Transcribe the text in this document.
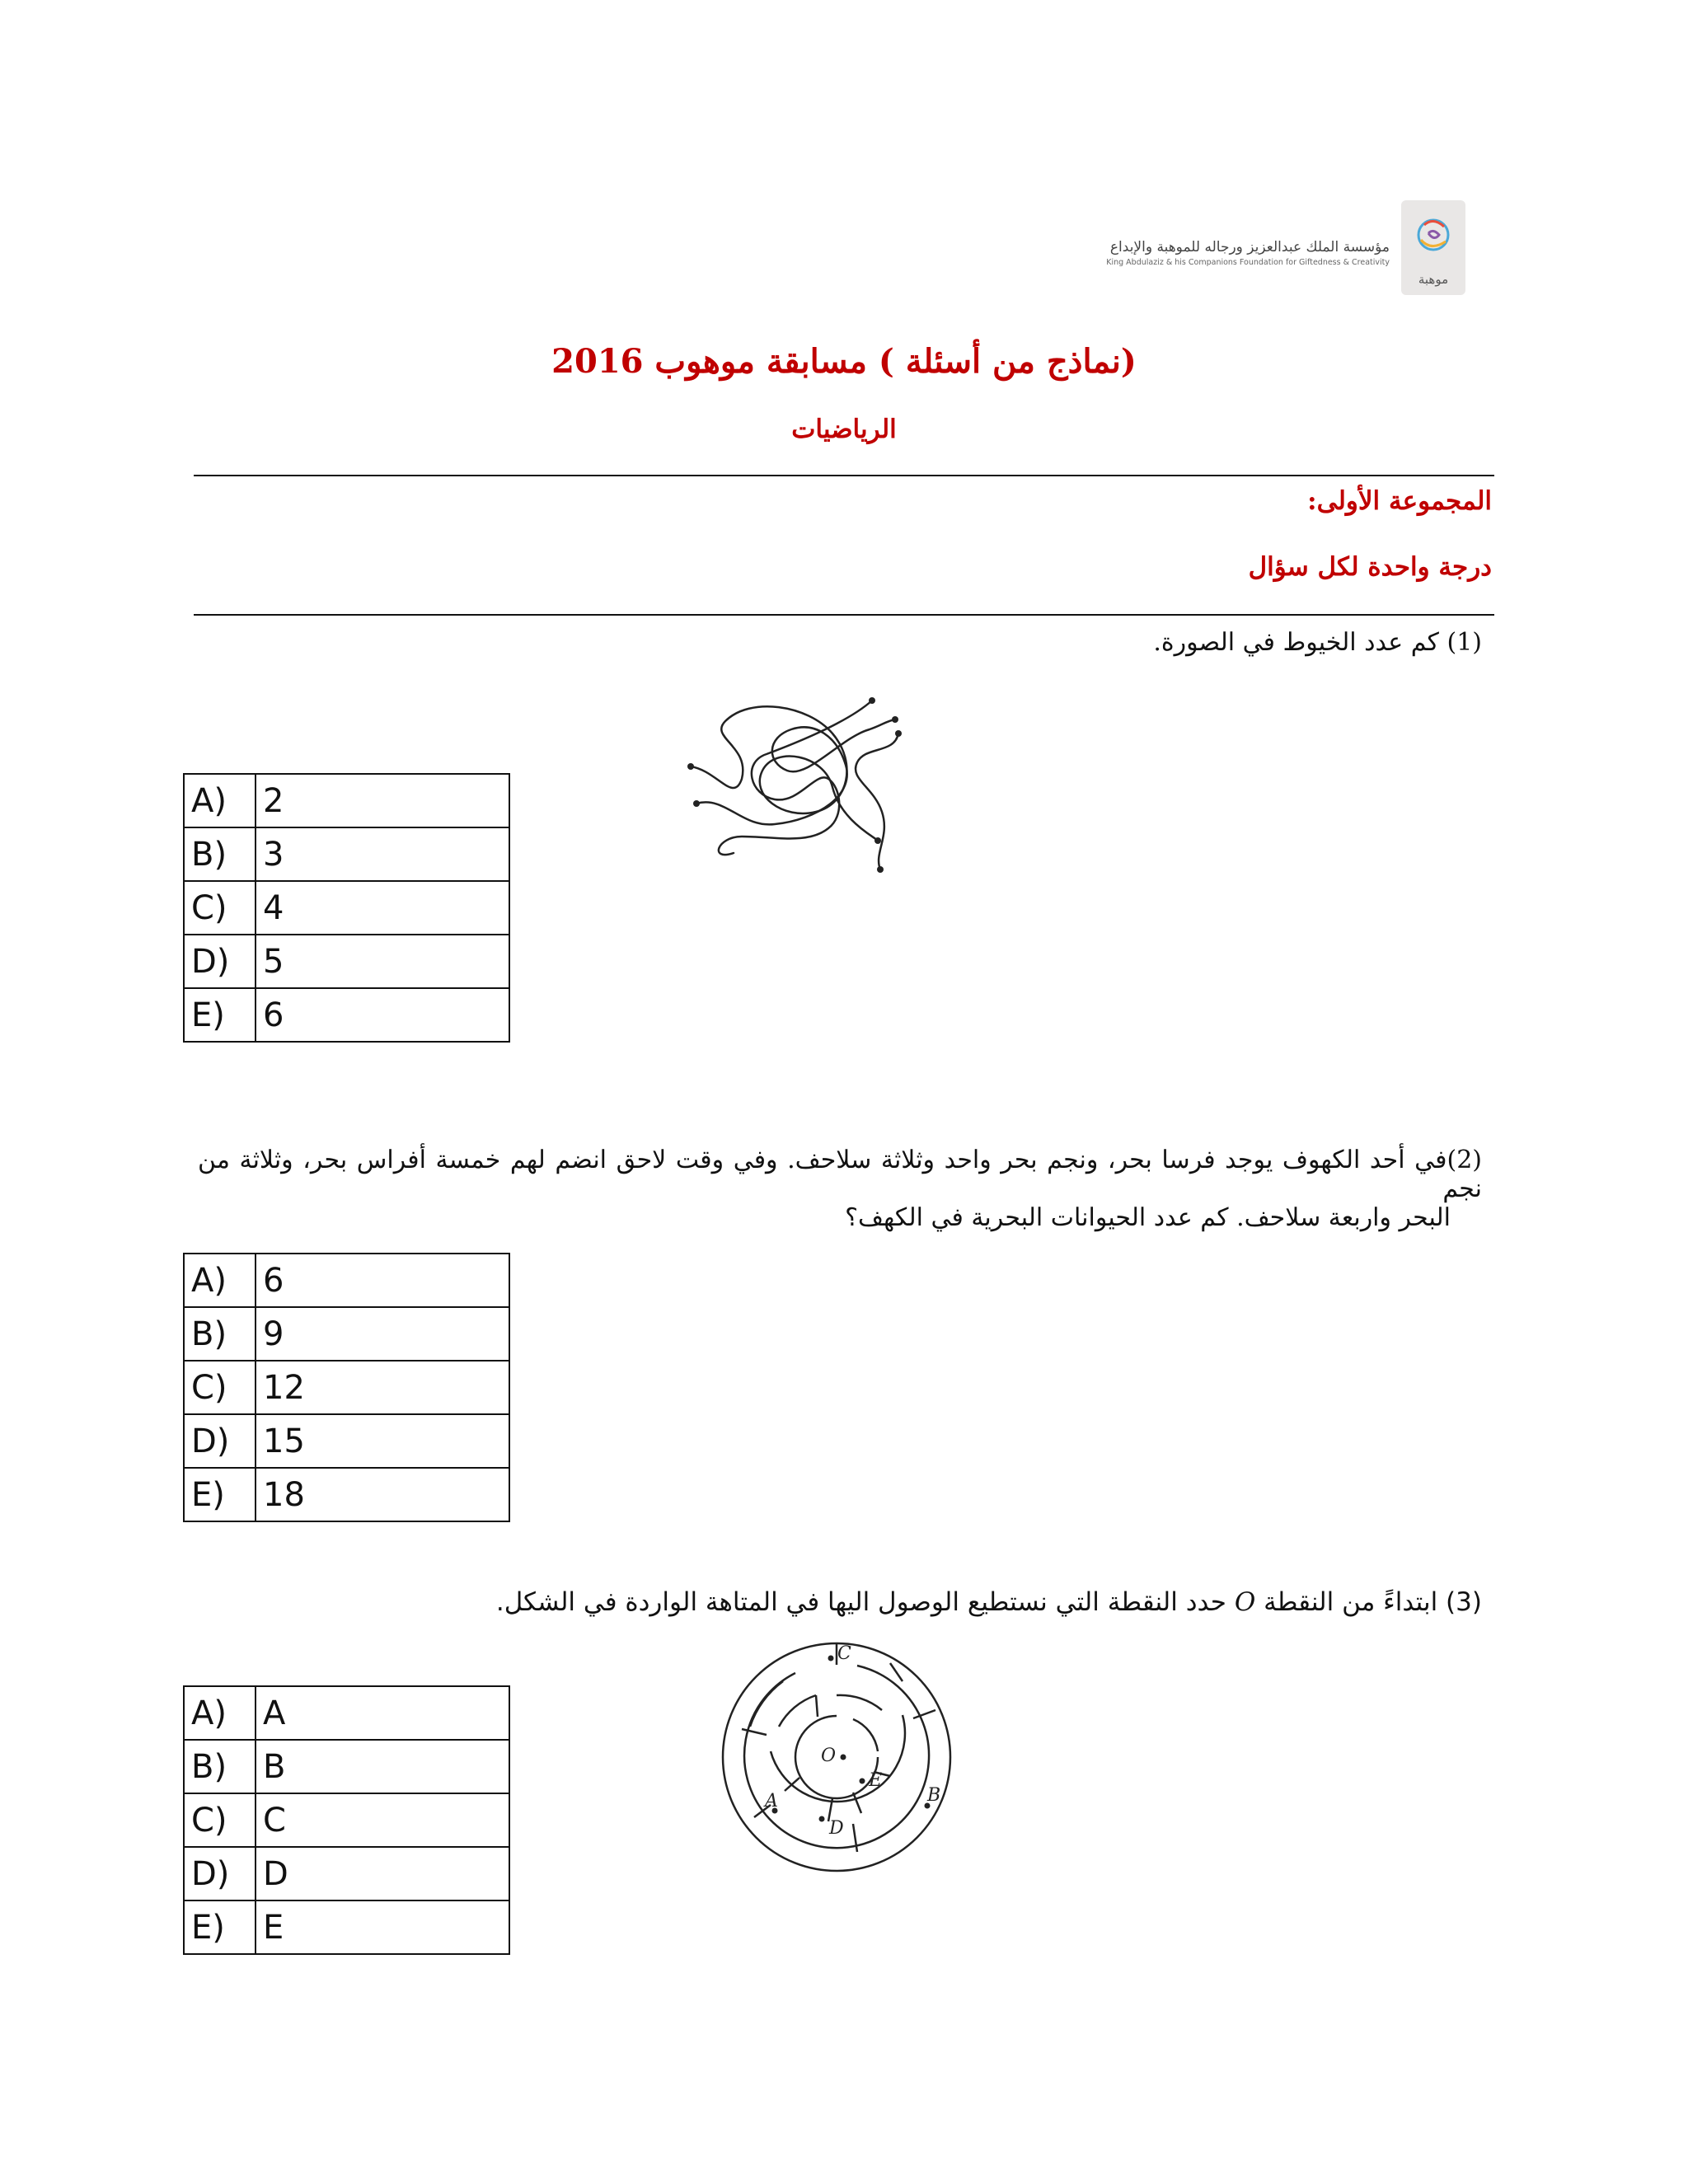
موهبة
مؤسسة الملك عبدالعزيز ورجاله للموهبة والإبداع
King Abdulaziz & his Companions Foundation for Giftedness & Creativity
(نماذج من أسئلة ) مسابقة موهوب 2016
الرياضيات
المجموعة الأولى:
درجة واحدة لكل سؤال
(1) كم عدد الخيوط في الصورة.
A)	2
B)	3
C)	4
D)	5
E)	6
(2)في أحد الكهوف يوجد فرسا بحر، ونجم بحر واحد وثلاثة سلاحف. وفي وقت لاحق انضم لهم خمسة أفراس بحر، وثلاثة من نجم
البحر واربعة سلاحف. كم عدد الحيوانات البحرية في الكهف؟
A)	6
B)	9
C)	12
D)	15
E)	18
(3) ابتداءً من النقطة O حدد النقطة التي نستطيع الوصول اليها في المتاهة الواردة في الشكل.
C
O
E
D
A	B
A)	A
B)	B
C)	C
D)	D
E)	E
